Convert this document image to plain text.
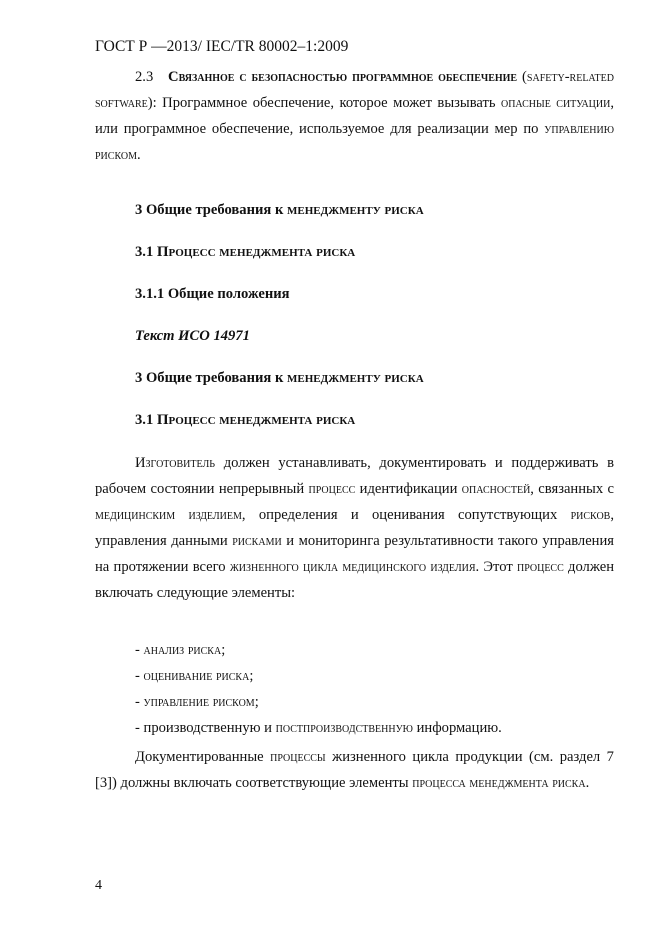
ГОСТ Р —2013/ IEC/TR 80002–1:2009

2.3 Связанное с безопасностью программное обеспечение (safety-related software): Программное обеспечение, которое может вызывать опасные ситуации, или программное обеспечение, используемое для реализации мер по управлению риском.

3 Общие требования к менеджменту риска
3.1 Процесс менеджмента риска
3.1.1 Общие положения
Текст ИСО 14971
3 Общие требования к менеджменту риска
3.1 Процесс менеджмента риска

Изготовитель должен устанавливать, документировать и поддерживать в рабочем состоянии непрерывный процесс идентификации опасностей, связанных с медицинским изделием, определения и оценивания сопутствующих рисков, управления данными рисками и мониторинга результативности такого управления на протяжении всего жизненного цикла медицинского изделия. Этот процесс должен включать следующие элементы:

- анализ риска;
- оценивание риска;
- управление риском;
- производственную и постпроизводственную информацию.

Документированные процессы жизненного цикла продукции (см. раздел 7 [3]) должны включать соответствующие элементы процесса менеджмента риска.

4
